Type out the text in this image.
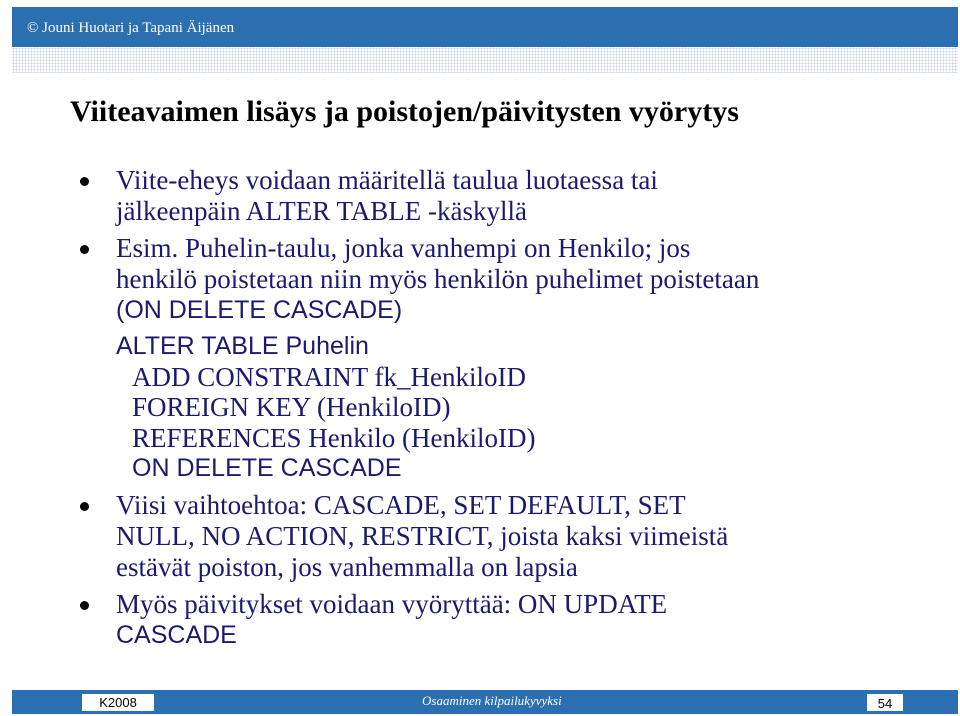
© Jouni Huotari ja Tapani Äijänen
Viiteavaimen lisäys ja poistojen/päivitysten vyörytys
Viite-eheys voidaan määritellä taulua luotaessa tai
jälkeenpäin ALTER TABLE -käskyllä
Esim. Puhelin-taulu, jonka vanhempi on Henkilo; jos
henkilö poistetaan niin myös henkilön puhelimet poistetaan
(ON DELETE CASCADE)
ALTER TABLE Puhelin
ADD CONSTRAINT fk_HenkiloID
FOREIGN KEY (HenkiloID)
REFERENCES Henkilo (HenkiloID)
ON DELETE CASCADE
Viisi vaihtoehtoa: CASCADE, SET DEFAULT, SET
NULL, NO ACTION, RESTRICT, joista kaksi viimeistä
estävät poiston, jos vanhemmalla on lapsia
Myös päivitykset voidaan vyöryttää: ON UPDATE
CASCADE
K2008	Osaaminen kilpailukyvyksi	54
